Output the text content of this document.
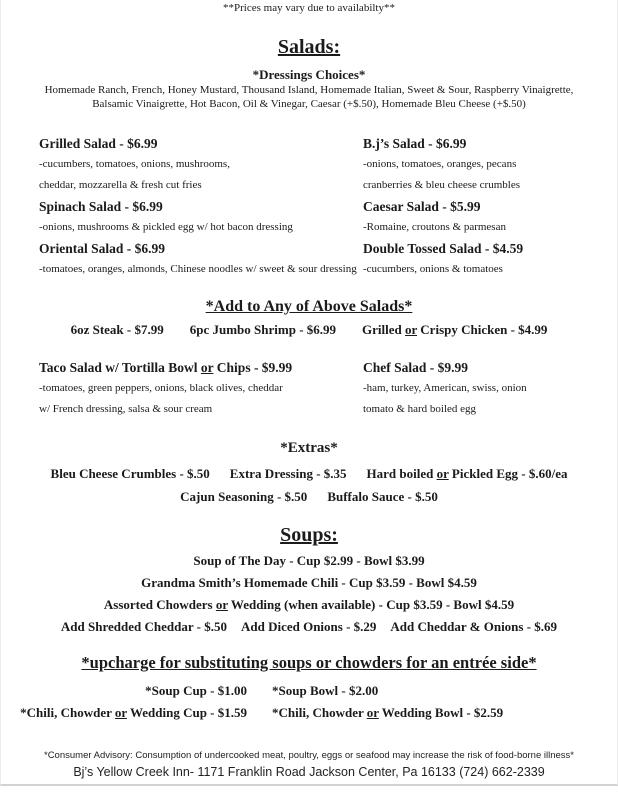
**Prices may vary due to availabilty**
Salads:
*Dressings Choices*
Homemade Ranch, French, Honey Mustard, Thousand Island, Homemade Italian, Sweet & Sour, Raspberry Vinaigrette,
Balsamic Vinaigrette, Hot Bacon, Oil & Vinegar, Caesar (+$.50), Homemade Bleu Cheese (+$.50)
Grilled Salad - $6.99
-cucumbers, tomatoes, onions, mushrooms,
cheddar, mozzarella & fresh cut fries
Spinach Salad - $6.99
-onions, mushrooms & pickled egg w/ hot bacon dressing
Oriental Salad - $6.99
-tomatoes, oranges, almonds, Chinese noodles w/ sweet & sour dressing
B.j’s Salad - $6.99
-onions, tomatoes, oranges, pecans
cranberries & bleu cheese crumbles
Caesar Salad - $5.99
-Romaine, croutons & parmesan
Double Tossed Salad - $4.59
-cucumbers, onions & tomatoes
*Add to Any of Above Salads*
6oz Steak - $7.99 6pc Jumbo Shrimp - $6.99 Grilled or Crispy Chicken - $4.99
Taco Salad w/ Tortilla Bowl or Chips - $9.99
-tomatoes, green peppers, onions, black olives, cheddar
w/ French dressing, salsa & sour cream
Chef Salad - $9.99
-ham, turkey, American, swiss, onion
tomato & hard boiled egg
*Extras*
Bleu Cheese Crumbles - $.50 Extra Dressing - $.35 Hard boiled or Pickled Egg - $.60/ea
Cajun Seasoning - $.50 Buffalo Sauce - $.50
Soups:
Soup of The Day - Cup $2.99 - Bowl $3.99
Grandma Smith’s Homemade Chili - Cup $3.59 - Bowl $4.59
Assorted Chowders or Wedding (when available) - Cup $3.59 - Bowl $4.59
Add Shredded Cheddar - $.50 Add Diced Onions - $.29 Add Cheddar & Onions - $.69
*upcharge for substituting soups or chowders for an entrée side*
*Soup Cup - $1.00 *Soup Bowl - $2.00
*Chili, Chowder or Wedding Cup - $1.59 *Chili, Chowder or Wedding Bowl - $2.59
*Consumer Advisory: Consumption of undercooked meat, poultry, eggs or seafood may increase the risk of food-borne illness*
Bj’s Yellow Creek Inn- 1171 Franklin Road Jackson Center, Pa 16133 (724) 662-2339
